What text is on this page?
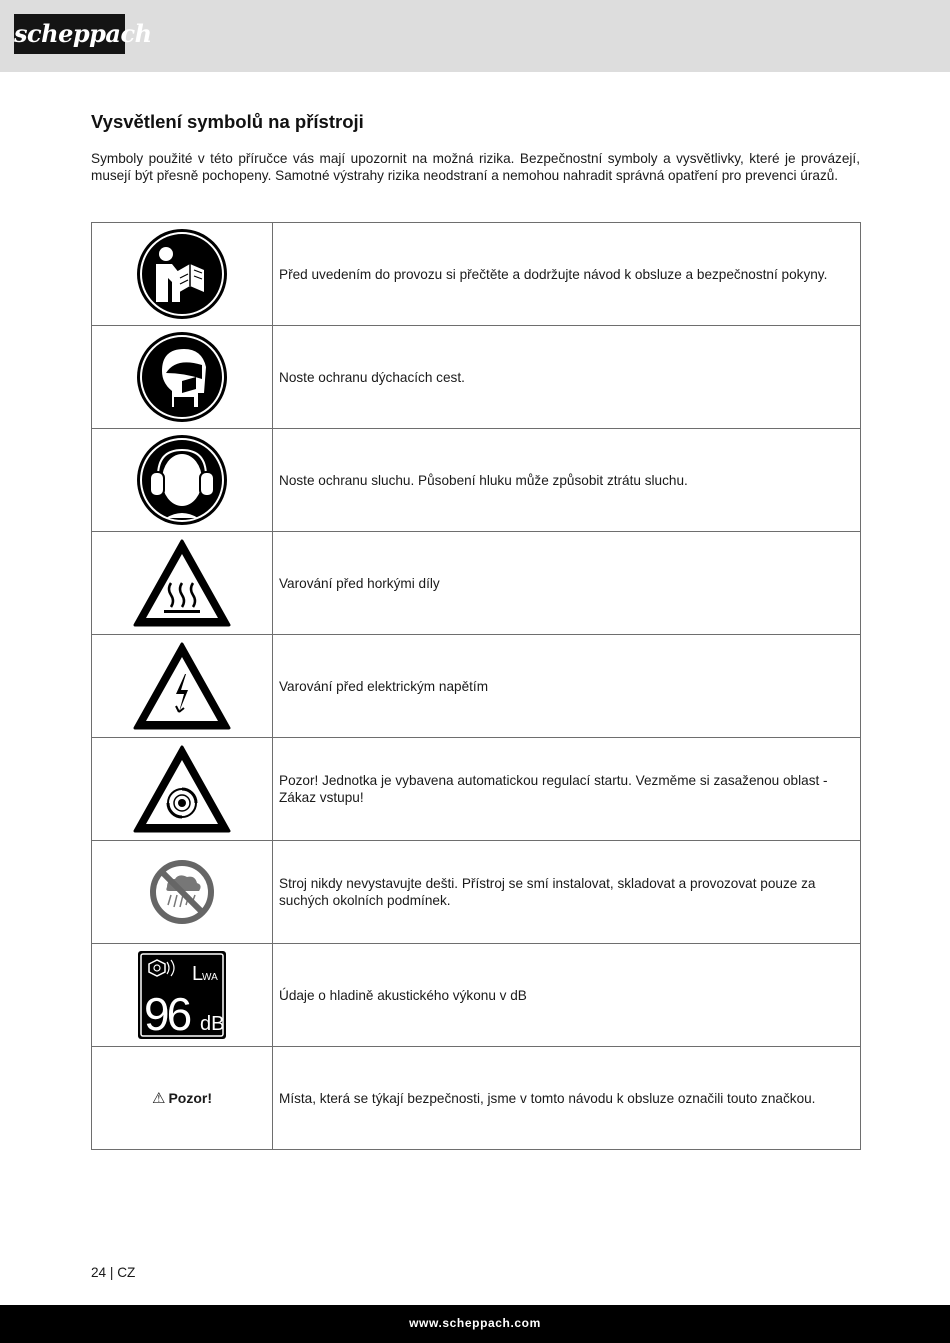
scheppach
Vysvětlení symbolů na přístroji

Symboly použité v této příručce vás mají upozornit na možná rizika. Bezpečnostní symboly a vysvětlivky, které je provázejí, musejí být přesně pochopeny. Samotné výstrahy rizika neodstraní a nemohou nahradit správná opatření pro prevenci úrazů.

	Před uvedením do provozu si přečtěte a dodržujte návod k obsluze a bezpečnostní pokyny.

	Noste ochranu dýchacích cest.

	Noste ochranu sluchu. Působení hluku může způsobit ztrátu sluchu.

	Varování před horkými díly

	Varování před elektrickým napětím

	Pozor! Jednotka je vybavena automatickou regulací startu. Vezměme si zasaženou oblast - Zákaz vstupu!

	Stroj nikdy nevystavujte dešti. Přístroj se smí instalovat, skladovat a provozovat pouze za suchých okolních podmínek.

L
WA
96 dB	Údaje o hladině akustického výkonu v dB
⚠ Pozor!	Místa, která se týkají bezpečnosti, jsme v tomto návodu k obsluze označili touto značkou.
24 | CZ
www.scheppach.com
